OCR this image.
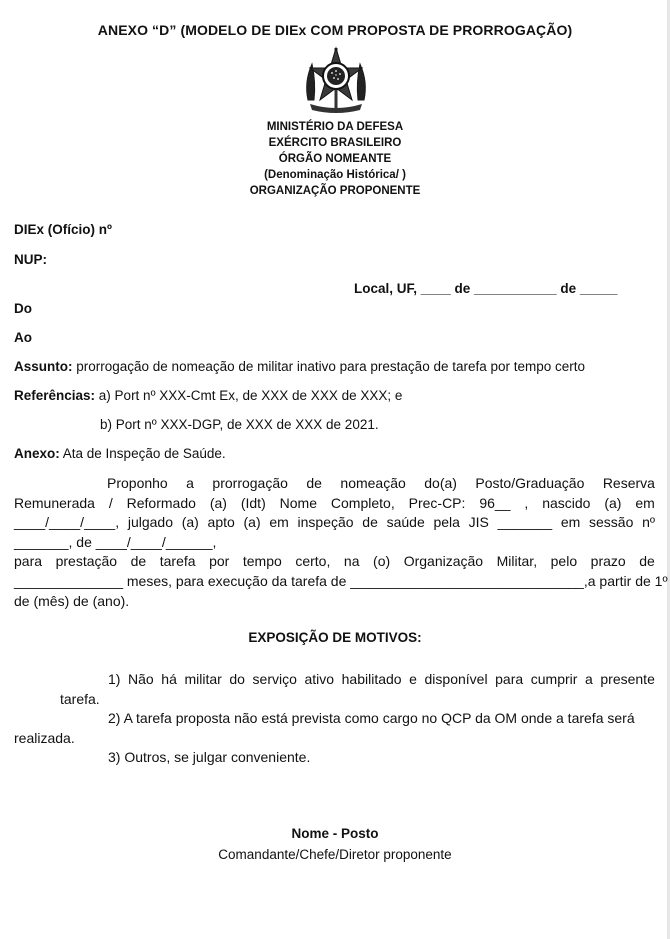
ANEXO “D” (MODELO DE DIEx COM PROPOSTA DE PRORROGAÇÃO)
MINISTÉRIO DA DEFESA
EXÉRCITO BRASILEIRO
ÓRGÃO NOMEANTE
(Denominação Histórica/ )
ORGANIZAÇÃO PROPONENTE
DIEx (Ofício) nº
NUP:
Local, UF, ____ de ___________ de _____
Do
Ao
Assunto: prorrogação de nomeação de militar inativo para prestação de tarefa por tempo certo
Referências: a) Port nº XXX-Cmt Ex, de XXX de XXX de XXX; e
b) Port nº XXX-DGP, de XXX de XXX de 2021.
Anexo: Ata de Inspeção de Saúde.
Proponho a prorrogação de nomeação do(a) Posto/Graduação Reserva
Remunerada / Reformado (a) (Idt) Nome Completo, Prec-CP: 96__ , nascido (a) em
____/____/____, julgado (a) apto (a) em inspeção de saúde pela JIS _______ em sessão nº
_______, de ____/____/______,
para prestação de tarefa por tempo certo, na (o) Organização Militar, pelo prazo de
______________ meses, para execução da tarefa de ______________________________, a partir de 1º
de (mês) de (ano).
EXPOSIÇÃO DE MOTIVOS:
1) Não há militar do serviço ativo habilitado e disponível para cumprir a presente
tarefa.
2) A tarefa proposta não está prevista como cargo no QCP da OM onde a tarefa será
realizada.
3) Outros, se julgar conveniente.
Nome - Posto
Comandante/Chefe/Diretor proponente
